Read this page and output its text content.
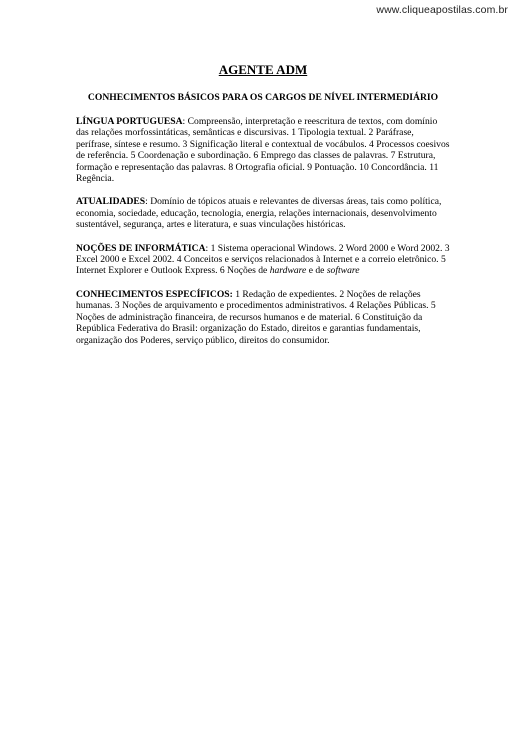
www.cliqueapostilas.com.br
AGENTE ADM
CONHECIMENTOS BÁSICOS PARA OS CARGOS DE NÍVEL INTERMEDIÁRIO

LÍNGUA PORTUGUESA: Compreensão, interpretação e reescritura de textos, com domínio das relações morfossintáticas, semânticas e discursivas. 1 Tipologia textual. 2 Paráfrase, perífrase, síntese e resumo. 3 Significação literal e contextual de vocábulos. 4 Processos coesivos de referência. 5 Coordenação e subordinação. 6 Emprego das classes de palavras. 7 Estrutura, formação e representação das palavras. 8 Ortografia oficial. 9 Pontuação. 10 Concordância. 11 Regência.

ATUALIDADES: Domínio de tópicos atuais e relevantes de diversas áreas, tais como política, economia, sociedade, educação, tecnologia, energia, relações internacionais, desenvolvimento sustentável, segurança, artes e literatura, e suas vinculações históricas.

NOÇÕES DE INFORMÁTICA: 1 Sistema operacional Windows. 2 Word 2000 e Word 2002. 3 Excel 2000 e Excel 2002. 4 Conceitos e serviços relacionados à Internet e a correio eletrônico. 5 Internet Explorer e Outlook Express. 6 Noções de hardware e de software

CONHECIMENTOS ESPECÍFICOS: 1 Redação de expedientes. 2 Noções de relações humanas. 3 Noções de arquivamento e procedimentos administrativos. 4 Relações Públicas. 5 Noções de administração financeira, de recursos humanos e de material. 6 Constituição da República Federativa do Brasil: organização do Estado, direitos e garantias fundamentais, organização dos Poderes, serviço público, direitos do consumidor.
